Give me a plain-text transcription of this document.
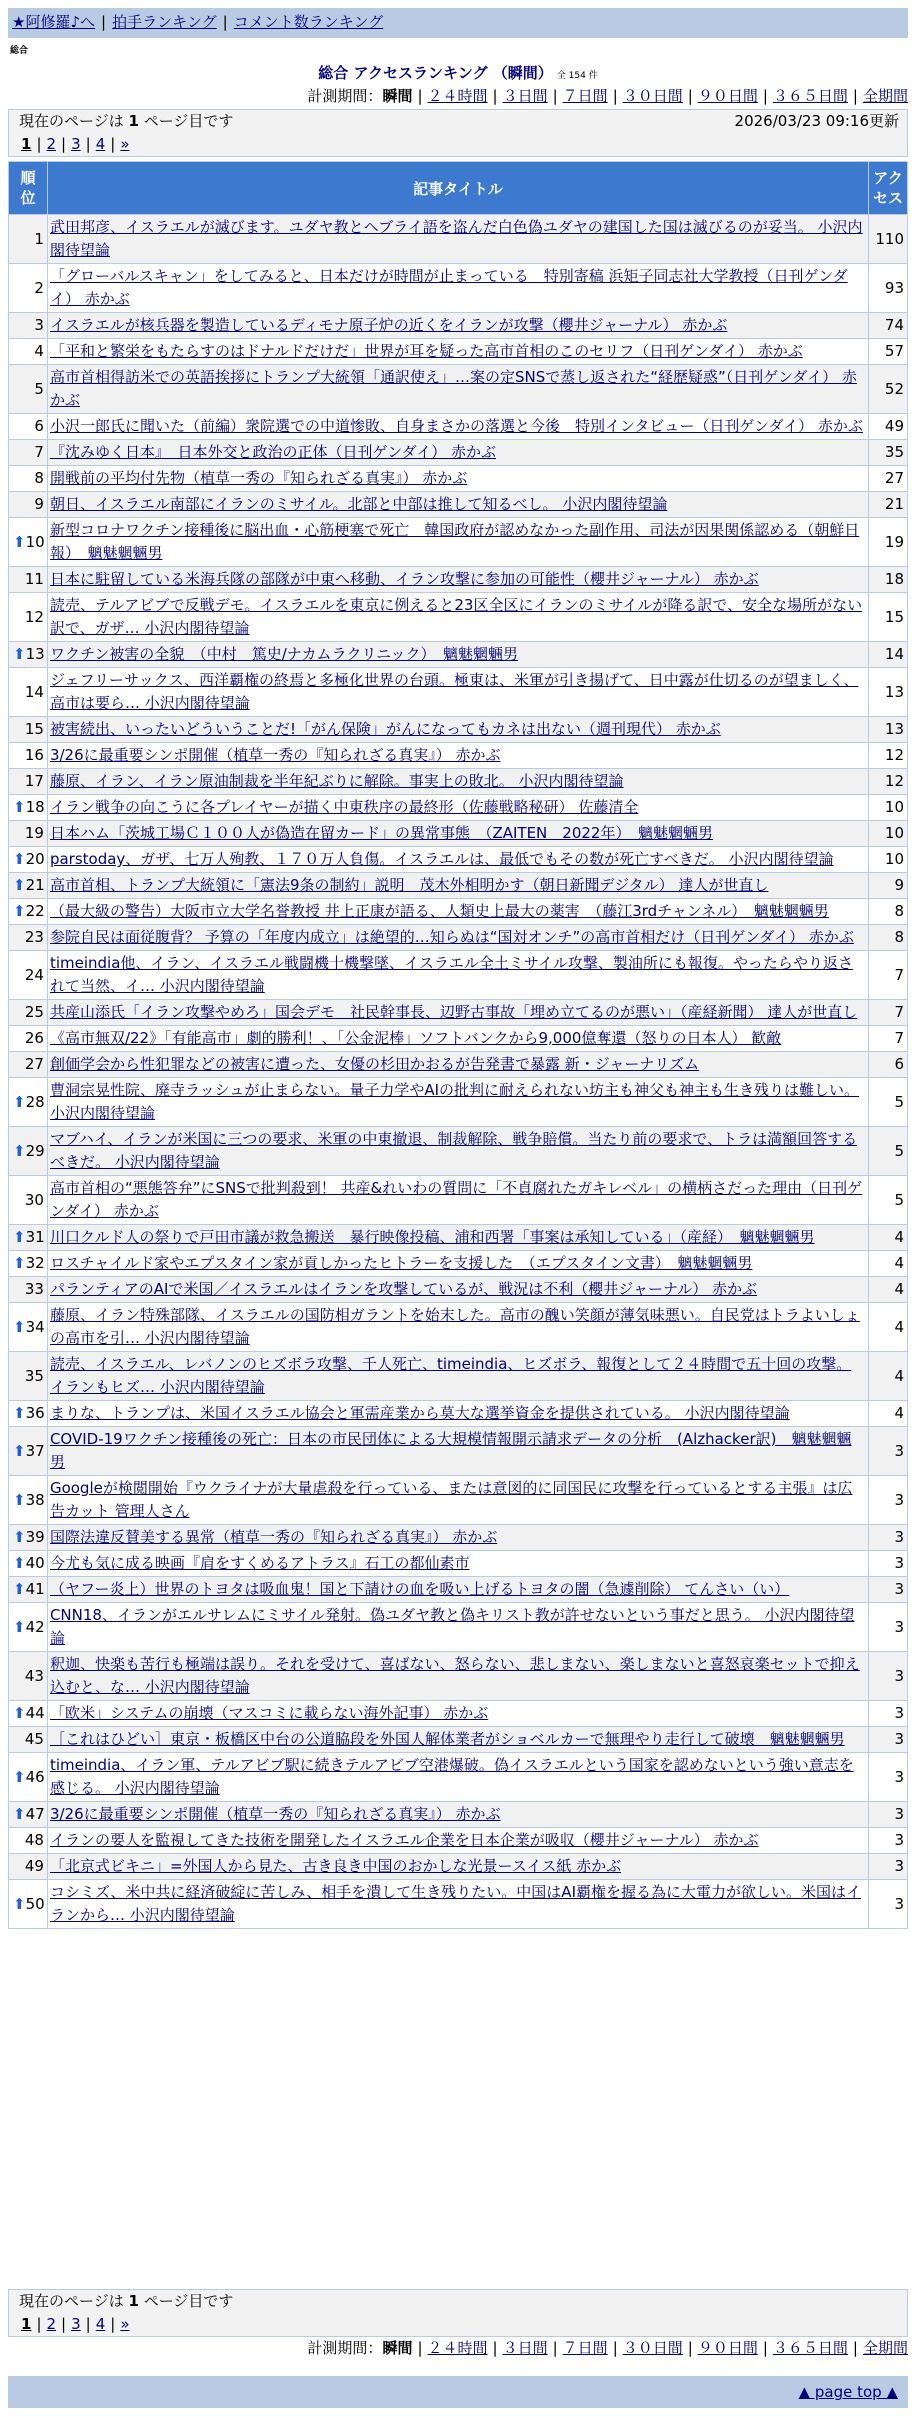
★阿修羅♪へ | 拍手ランキング | コメント数ランキング
総合
総合 アクセスランキング （瞬間） 全 154 件
計測期間：瞬間 | ２４時間 | ３日間 | ７日間 | ３０日間 | ９０日間 | ３６５日間 | 全期間
現在のページは 1 ページ目です	2026/03/23 09:16更新
1 | 2 | 3 | 4 | »
順位	記事タイトル	アクセス
1	武田邦彦、イスラエルが滅びます。ユダヤ教とヘブライ語を盗んだ白色偽ユダヤの建国した国は滅びるのが妥当。 小沢内閣待望論	110
2	「グローバルスキャン」をしてみると、日本だけが時間が止まっている　特別寄稿 浜矩子同志社大学教授（日刊ゲンダイ） 赤かぶ	93
3	イスラエルが核兵器を製造しているディモナ原子炉の近くをイランが攻撃（櫻井ジャーナル） 赤かぶ	74
4	「平和と繁栄をもたらすのはドナルドだけだ」世界が耳を疑った高市首相のこのセリフ（日刊ゲンダイ） 赤かぶ	57
5	高市首相得訪米での英語挨拶にトランプ大統領「通訳使え」…案の定SNSで蒸し返された“経歴疑惑”（日刊ゲンダイ） 赤かぶ	52
6	小沢一郎氏に聞いた（前編）衆院選での中道惨敗、自身まさかの落選と今後　特別インタビュー（日刊ゲンダイ） 赤かぶ	49
7	『沈みゆく日本』　日本外交と政治の正体（日刊ゲンダイ） 赤かぶ	35
8	開戦前の平均付先物（植草一秀の『知られざる真実』） 赤かぶ	27
9	朝日、イスラエル南部にイランのミサイル。北部と中部は推して知るべし。 小沢内閣待望論	21

⬆ 10	新型コロナワクチン接種後に脳出血・心筋梗塞で死亡　韓国政府が認めなかった副作用、司法が因果関係認める（朝鮮日報）　魑魅魍魎男	19
11	日本に駐留している米海兵隊の部隊が中東へ移動、イラン攻撃に参加の可能性（櫻井ジャーナル） 赤かぶ	18
12	読売、テルアビブで反戦デモ。イスラエルを東京に例えると23区全区にイランのミサイルが降る訳で、安全な場所がない訳で、ガザ… 小沢内閣待望論	15

⬆ 13	ワクチン被害の全貌　（中村　篤史/ナカムラクリニック）　魑魅魍魎男	14
14	ジェフリーサックス、西洋覇権の終焉と多極化世界の台頭。極東は、米軍が引き揚げて、日中露が仕切るのが望ましく、高市は要ら… 小沢内閣待望論	13
15	被害続出、いったいどういうことだ!「がん保険」がんになってもカネは出ない（週刊現代） 赤かぶ	13
16	3/26に最重要シンポ開催（植草一秀の『知られざる真実』） 赤かぶ	12
17	藤原、イラン、イラン原油制裁を半年紀ぶりに解除。事実上の敗北。 小沢内閣待望論	12

⬆ 18	イラン戦争の向こうに各プレイヤーが描く中東秩序の最終形（佐藤戦略秘研） 佐藤清全	10
19	日本ハム「茨城工場Ｃ１００人が偽造在留カード」の異常事態　（ZAITEN　2022年）　魑魅魍魎男	10

⬆ 20	parstoday、ガザ、七万人殉教、１７０万人負傷。イスラエルは、最低でもその数が死亡すべきだ。 小沢内閣待望論	10

⬆ 21	高市首相、トランプ大統領に「憲法9条の制約」説明　茂木外相明かす（朝日新聞デジタル） 達人が世直し	9

⬆ 22	（最大級の警告）大阪市立大学名誉教授 井上正康が語る、人類史上最大の薬害　（藤江3rdチャンネル）　魑魅魍魎男	8
23	参院自民は面従腹背？ 予算の「年度内成立」は絶望的…知らぬは“国対オンチ”の高市首相だけ（日刊ゲンダイ） 赤かぶ	8
24	timeindia他、イラン、イスラエル戦闘機十機撃墜、イスラエル全土ミサイル攻撃、製油所にも報復。やったらやり返されて当然、イ… 小沢内閣待望論	7
25	共産山添氏「イラン攻撃やめろ」国会デモ　社民幹事長、辺野古事故「埋め立てるのが悪い」（産経新聞） 達人が世直し	7
26	《高市無双/22》「有能高市」劇的勝利！、「公金泥棒」ソフトバンクから9,000億奪還（怒りの日本人） 歓敵	7
27	創価学会から性犯罪などの被害に遭った、女優の杉田かおるが告発書で暴露 新・ジャーナリズム	6

⬆ 28	曹洞宗晃性院、廃寺ラッシュが止まらない。量子力学やAIの批判に耐えられない坊主も神父も神主も生き残りは難しい。 小沢内閣待望論	5

⬆ 29	マブハイ、イランが米国に三つの要求、米軍の中東撤退、制裁解除、戦争賠償。当たり前の要求で、トラは満額回答するべきだ。 小沢内閣待望論	5
30	高市首相の“悪態答弁”にSNSで批判殺到！ 共産&れいわの質問に「不貞腐れたガキレベル」の横柄さだった理由（日刊ゲンダイ） 赤かぶ	5

⬆ 31	川口クルド人の祭りで戸田市議が救急搬送　暴行映像投稿、浦和西署「事案は承知している」（産経）　魑魅魍魎男	4

⬆ 32	ロスチャイルド家やエプスタイン家が貢しかったヒトラーを支援した　（エプスタイン文書）　魑魅魍魎男	4
33	パランティアのAIで米国／イスラエルはイランを攻撃しているが、戦況は不利（櫻井ジャーナル） 赤かぶ	4

⬆ 34	藤原、イラン特殊部隊、イスラエルの国防相ガラントを始末した。高市の醜い笑顔が薄気味悪い。自民党はトラよいしょの高市を引… 小沢内閣待望論	4
35	読売、イスラエル、レバノンのヒズボラ攻撃、千人死亡、timeindia、ヒズボラ、報復として２４時間で五十回の攻撃。イランもヒズ… 小沢内閣待望論	4

⬆ 36	まりな、トランプは、米国イスラエル協会と軍需産業から莫大な選挙資金を提供されている。 小沢内閣待望論	4

⬆ 37	COVID-19ワクチン接種後の死亡：日本の市民団体による大規模情報開示請求データの分析　(Alzhacker訳)　魑魅魍魎男	3

⬆ 38	Googleが検閲開始『ウクライナが大量虐殺を行っている、または意図的に同国民に攻撃を行っているとする主張』は広告カット 管理人さん	3

⬆ 39	国際法違反賛美する異常（植草一秀の『知られざる真実』） 赤かぶ	3

⬆ 40	今尤も気に成る映画『肩をすくめるアトラス』石工の都仙素市	3

⬆ 41	（ヤフー炎上）世界のトヨタは吸血鬼！国と下請けの血を吸い上げるトヨタの闇（急遽削除） てんさい（い）	3

⬆ 42	CNN18、イランがエルサレムにミサイル発射。偽ユダヤ教と偽キリスト教が許せないという事だと思う。 小沢内閣待望論	3
43	釈迦、快楽も苦行も極端は誤り。それを受けて、喜ばない、怒らない、悲しまない、楽しまないと喜怒哀楽セットで抑え込むと、な… 小沢内閣待望論	3

⬆ 44	「欧米」システムの崩壊（マスコミに載らない海外記事） 赤かぶ	3
45	［これはひどい］東京・板橋区中台の公道脇段を外国人解体業者がショベルカーで無理やり走行して破壊　魑魅魍魎男	3

⬆ 46	timeindia、イラン軍、テルアビブ駅に続きテルアビブ空港爆破。偽イスラエルという国家を認めないという強い意志を感じる。 小沢内閣待望論	3

⬆ 47	3/26に最重要シンポ開催（植草一秀の『知られざる真実』） 赤かぶ	3
48	イランの要人を監視してきた技術を開発したイスラエル企業を日本企業が吸収（櫻井ジャーナル） 赤かぶ	3
49	「北京式ビキニ」=外国人から見た、古き良き中国のおかしな光景ースイス紙 赤かぶ	3

⬆ 50	コシミズ、米中共に経済破綻に苦しみ、相手を潰して生き残りたい。中国はAI覇権を握る為に大電力が欲しい。米国はイランから… 小沢内閣待望論	3
現在のページは 1 ページ目です
1 | 2 | 3 | 4 | »
計測期間：瞬間 | ２４時間 | ３日間 | ７日間 | ３０日間 | ９０日間 | ３６５日間 | 全期間
▲ page top ▲
